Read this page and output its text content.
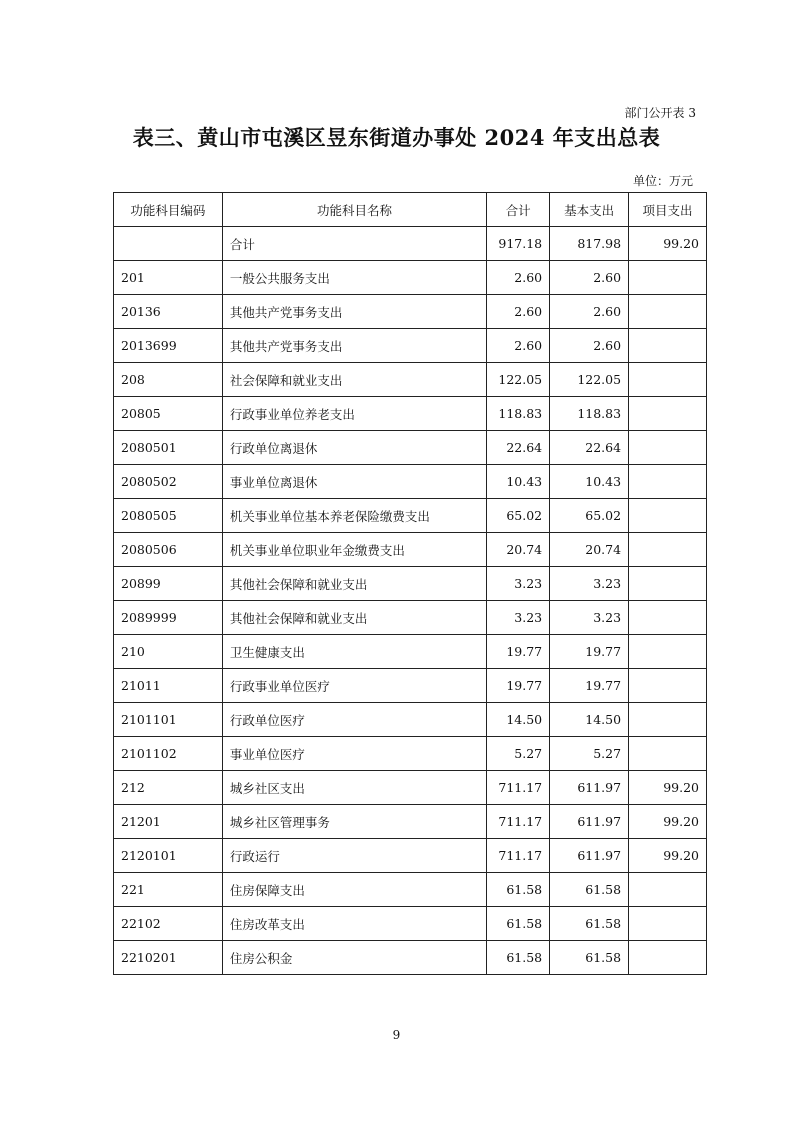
部门公开表 3
表三、黄山市屯溪区昱东街道办事处 2024 年支出总表
单位：万元
功能科目编码	功能科目名称	合计	基本支出	项目支出
	合计	917.18	817.98	99.20
201	一般公共服务支出	2.60	2.60	
20136	其他共产党事务支出	2.60	2.60	
2013699	其他共产党事务支出	2.60	2.60	
208	社会保障和就业支出	122.05	122.05	
20805	行政事业单位养老支出	118.83	118.83	
2080501	行政单位离退休	22.64	22.64	
2080502	事业单位离退休	10.43	10.43	
2080505	机关事业单位基本养老保险缴费支出	65.02	65.02	
2080506	机关事业单位职业年金缴费支出	20.74	20.74	
20899	其他社会保障和就业支出	3.23	3.23	
2089999	其他社会保障和就业支出	3.23	3.23	
210	卫生健康支出	19.77	19.77	
21011	行政事业单位医疗	19.77	19.77	
2101101	行政单位医疗	14.50	14.50	
2101102	事业单位医疗	5.27	5.27	
212	城乡社区支出	711.17	611.97	99.20
21201	城乡社区管理事务	711.17	611.97	99.20
2120101	行政运行	711.17	611.97	99.20
221	住房保障支出	61.58	61.58	
22102	住房改革支出	61.58	61.58	
2210201	住房公积金	61.58	61.58	
9
